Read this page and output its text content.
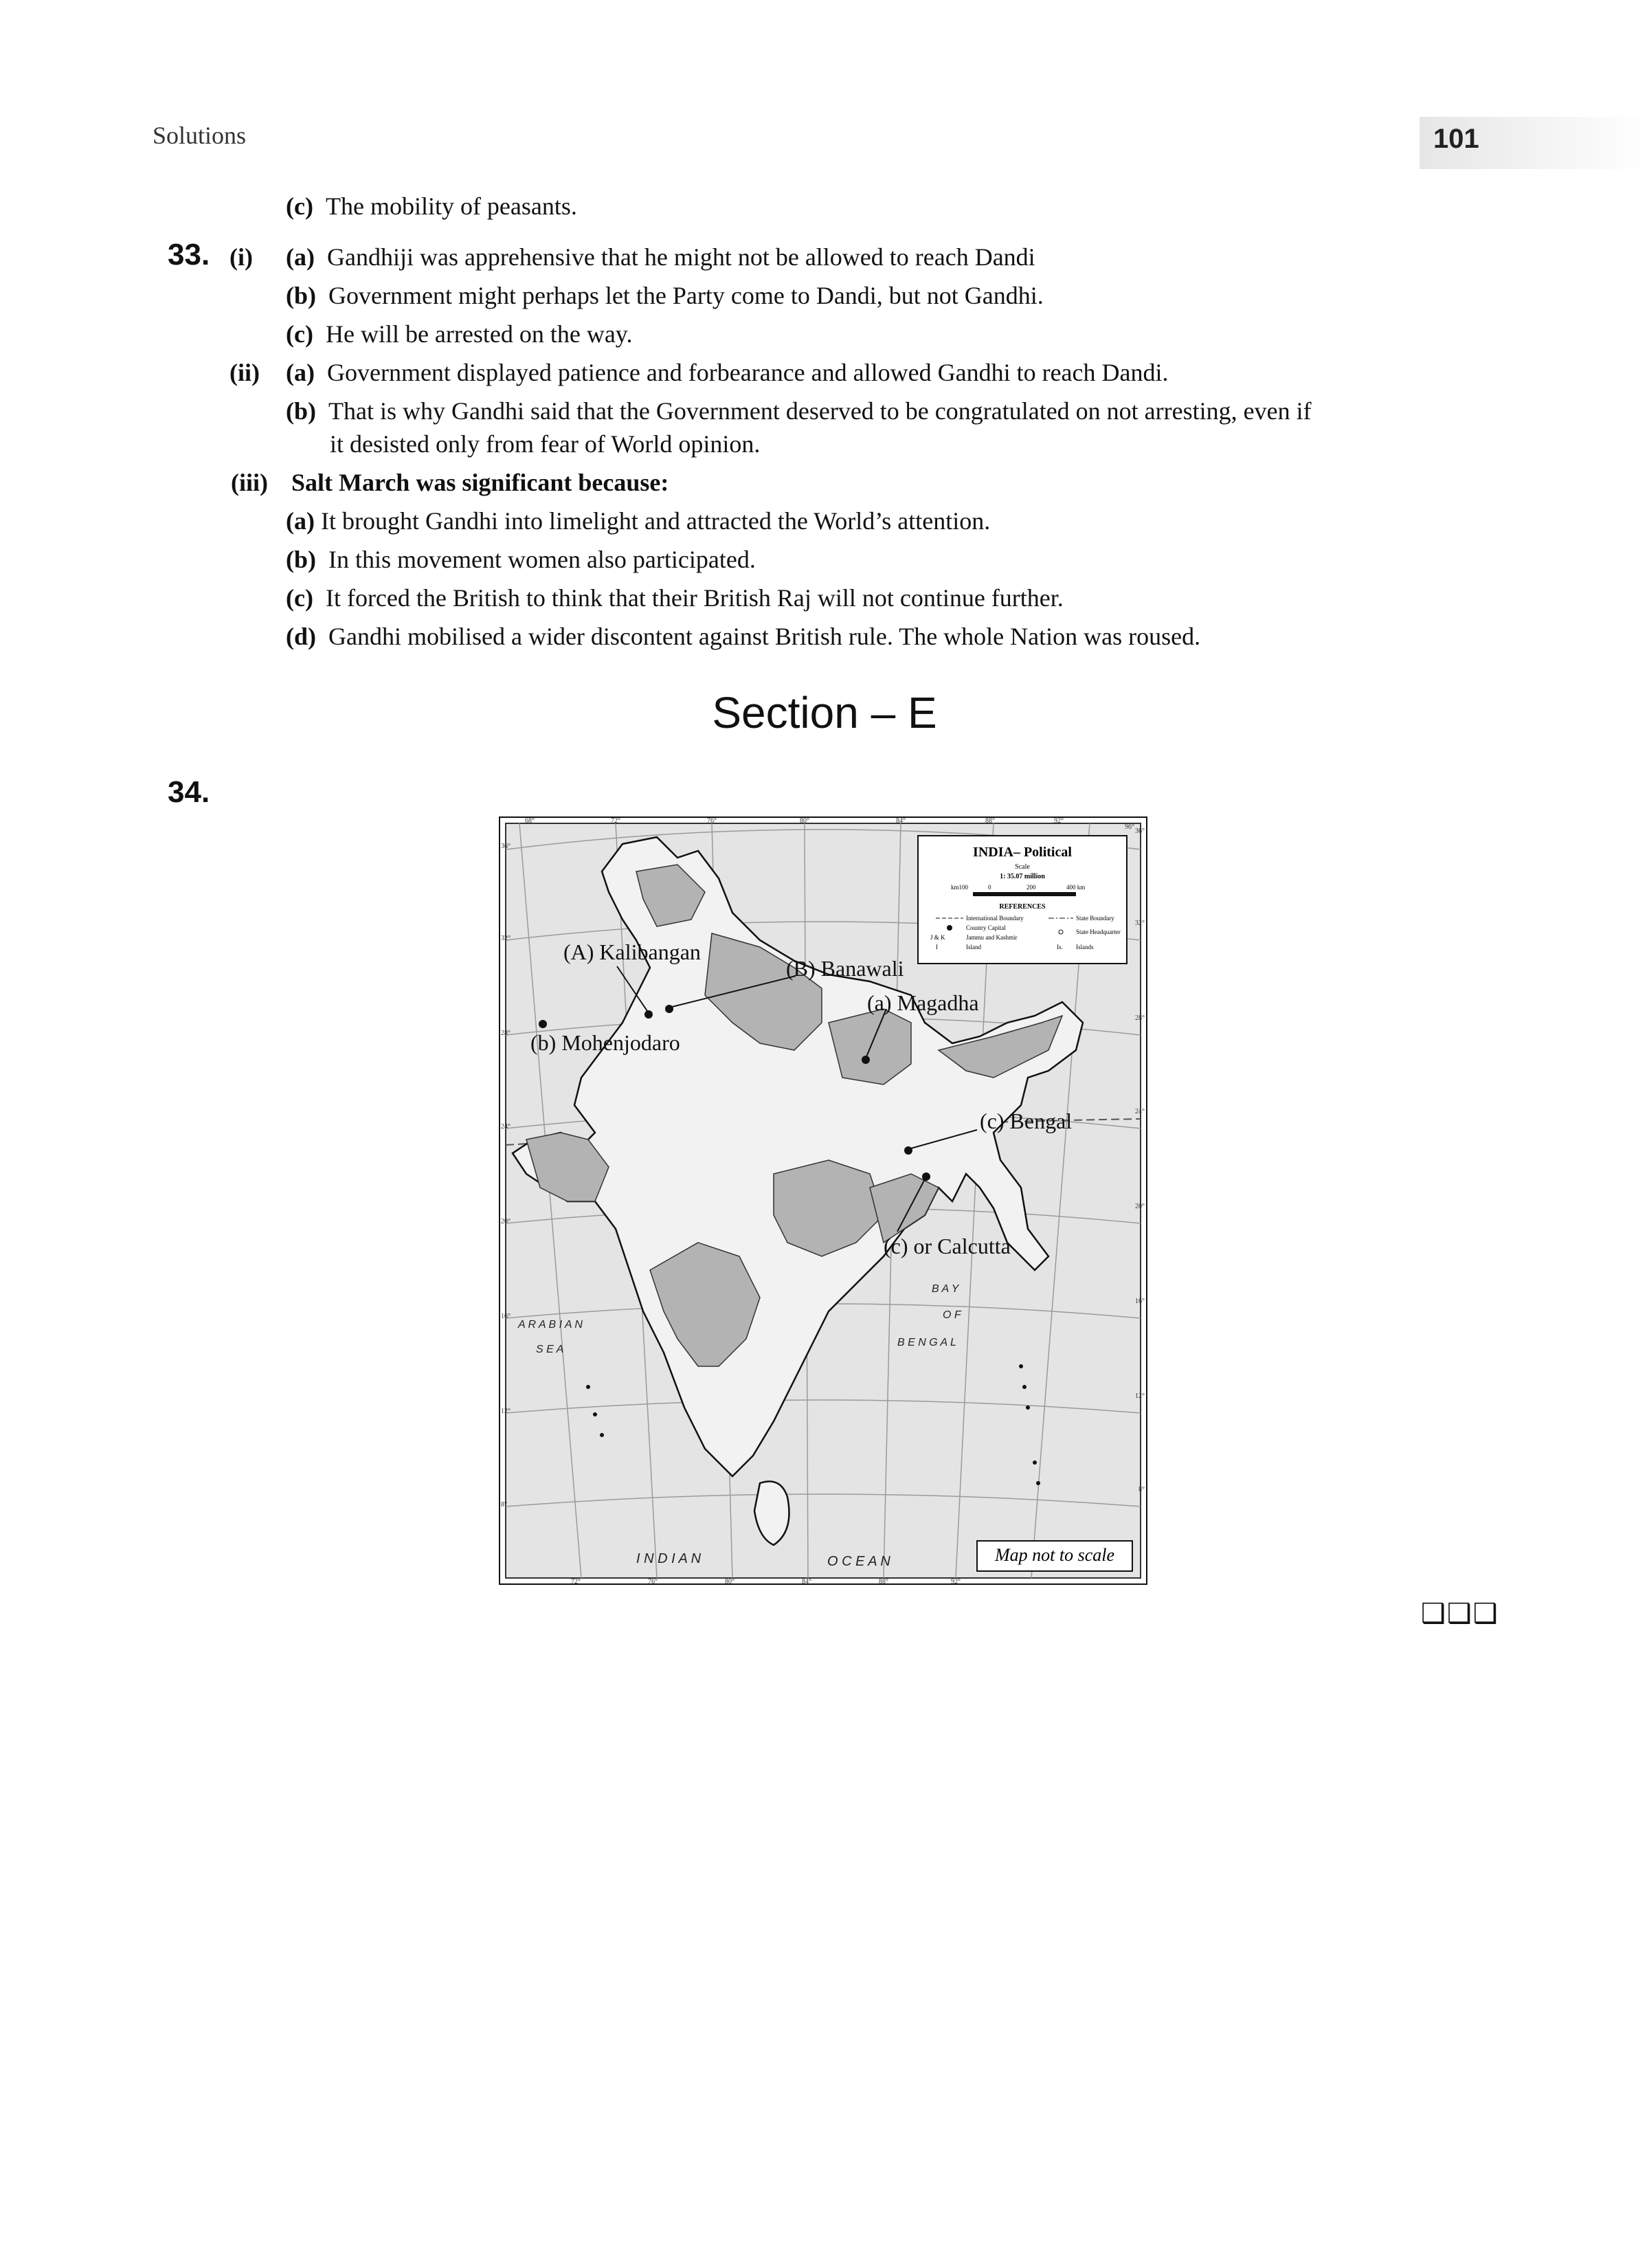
Solutions	101
(c) The mobility of peasants.
33. (i) (a) Gandhiji was apprehensive that he might not be allowed to reach Dandi
(b) Government might perhaps let the Party come to Dandi, but not Gandhi.
(c) He will be arrested on the way.
(ii) (a) Government displayed patience and forbearance and allowed Gandhi to reach Dandi.
(b) That is why Gandhi said that the Government deserved to be congratulated on not arresting, even if
it desisted only from fear of World opinion.
(iii) Salt March was significant because:
(a) It brought Gandhi into limelight and attracted the World’s attention.
(b) In this movement women also participated.
(c) It forced the British to think that their British Raj will not continue further.
(d) Gandhi mobilised a wider discontent against British rule. The whole Nation was roused.
Section – E
34.
INDIA– Political
Scale
1: 35.07 million
km100	0	200	400 km
REFERENCES
International Boundary
Country Capital
J & K	Jammu and Kashmir
I	Island
State Boundary
State Headquarter
Is. Islands
68°	72°	76°	80°	84°	88°	92°
96°
72°	76°	80°	84°	88°	92°
36°
32°
28°
24°
20°
16°
12°
8°
36°
32°
28°
24°
20°
16°
12°
8°
A R A B I A N
S E A
B A Y
O F
B E N G A L
I N D I A N	O C E A N	Map not to scale
(A) Kalibangan
(B) Banawali
(a) Magadha
(b) Mohenjodaro
(c) Bengal
(c) or Calcutta
❑❑❑
